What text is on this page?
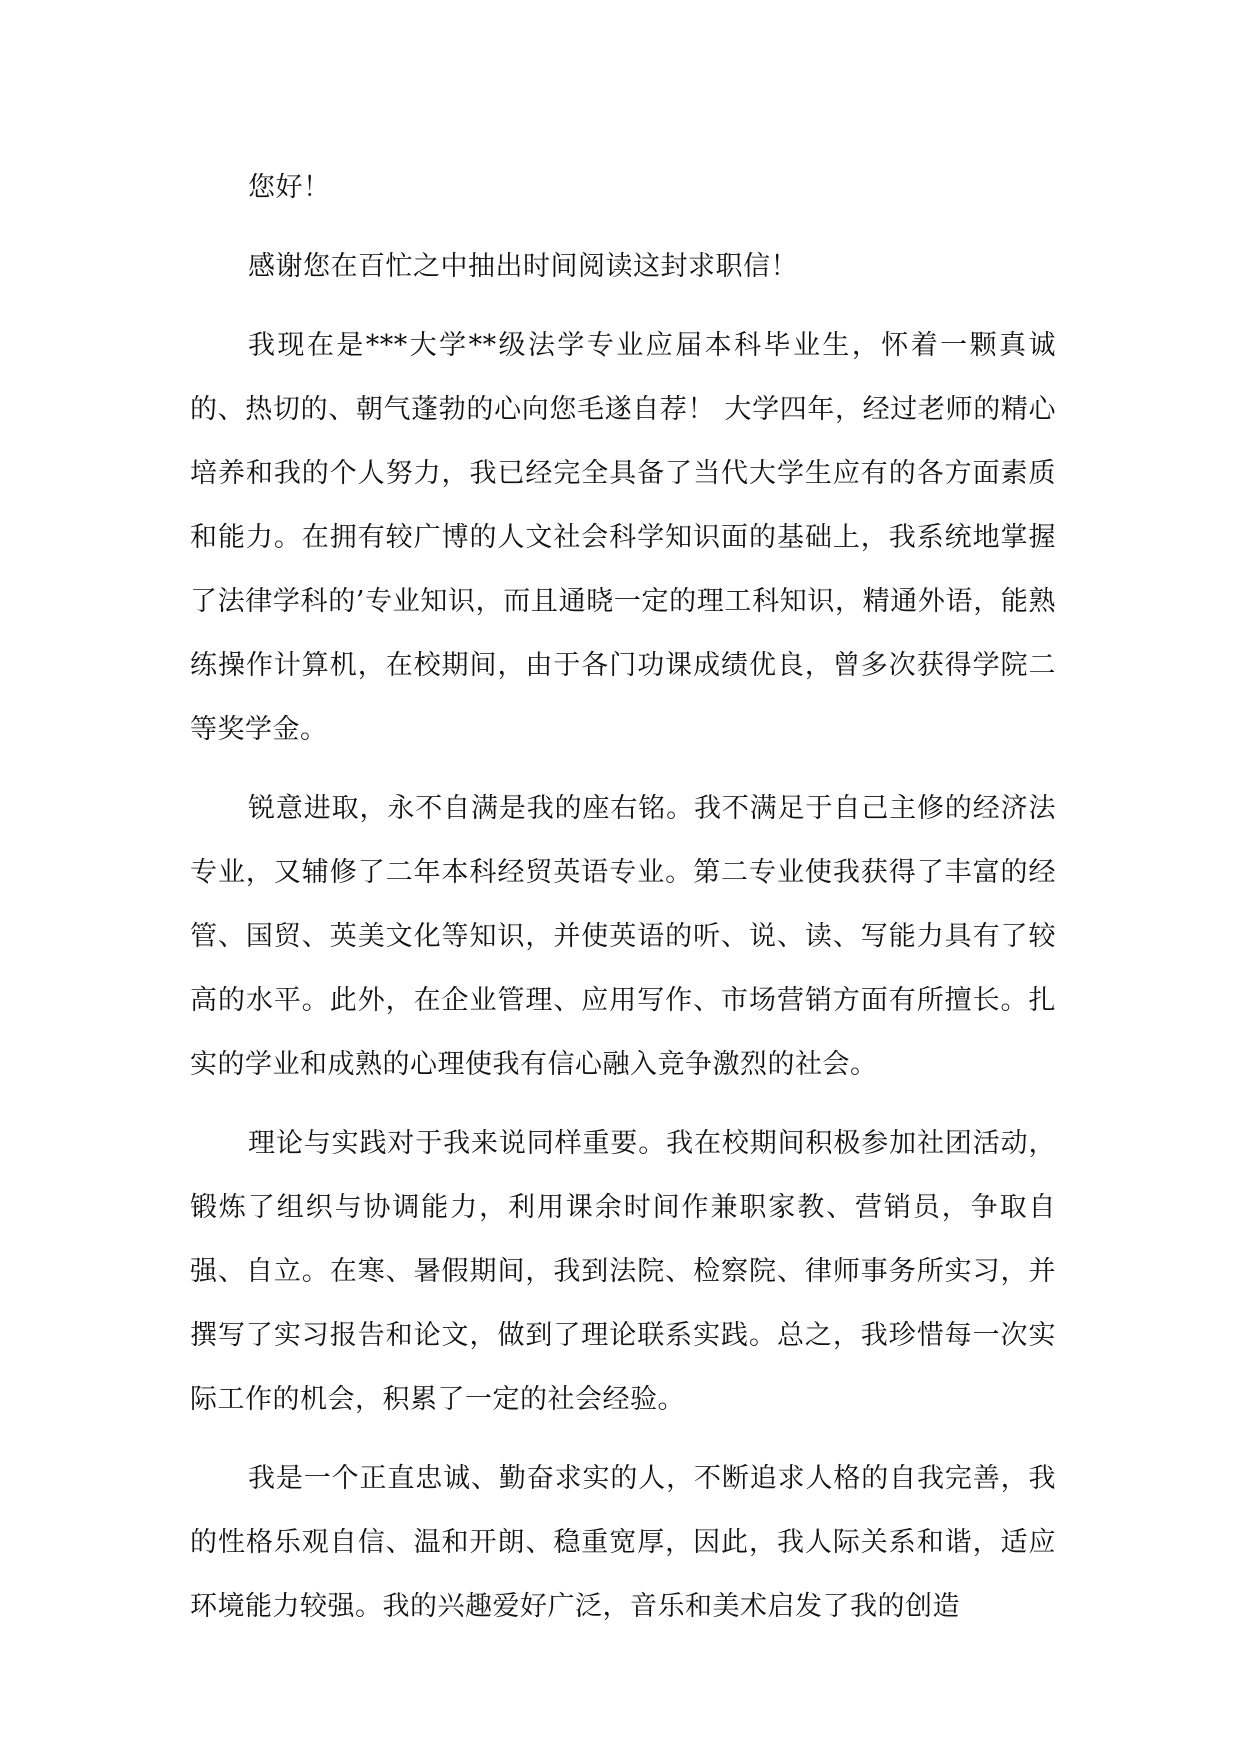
您好！

感谢您在百忙之中抽出时间阅读这封求职信！

我现在是***大学**级法学专业应届本科毕业生，怀着一颗真诚的、热切的、朝气蓬勃的心向您毛遂自荐！ 大学四年，经过老师的精心培养和我的个人努力，我已经完全具备了当代大学生应有的各方面素质和能力。在拥有较广博的人文社会科学知识面的基础上，我系统地掌握了法律学科的’专业知识，而且通晓一定的理工科知识，精通外语，能熟练操作计算机，在校期间，由于各门功课成绩优良，曾多次获得学院二等奖学金。

锐意进取，永不自满是我的座右铭。我不满足于自己主修的经济法专业，又辅修了二年本科经贸英语专业。第二专业使我获得了丰富的经管、国贸、英美文化等知识，并使英语的听、说、读、写能力具有了较高的水平。此外，在企业管理、应用写作、市场营销方面有所擅长。扎实的学业和成熟的心理使我有信心融入竞争激烈的社会。

理论与实践对于我来说同样重要。我在校期间积极参加社团活动，锻炼了组织与协调能力，利用课余时间作兼职家教、营销员，争取自强、自立。在寒、暑假期间，我到法院、检察院、律师事务所实习，并撰写了实习报告和论文，做到了理论联系实践。总之，我珍惜每一次实际工作的机会，积累了一定的社会经验。

我是一个正直忠诚、勤奋求实的人，不断追求人格的自我完善，我的性格乐观自信、温和开朗、稳重宽厚，因此，我人际关系和谐，适应环境能力较强。我的兴趣爱好广泛，音乐和美术启发了我的创造
